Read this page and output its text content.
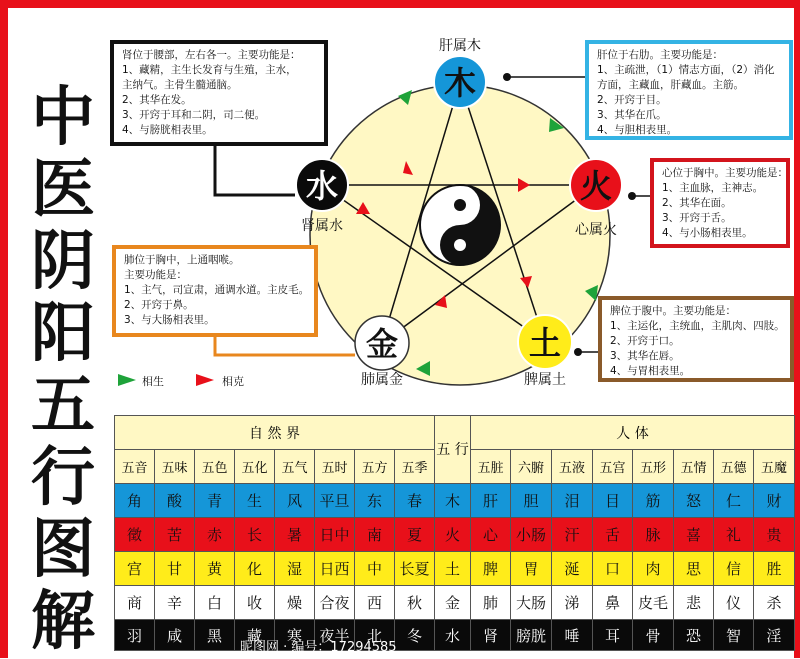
中
医
阴
阳
五
行
图
解
木
火
土
金
水
肝属木
心属火
脾属土
肺属金
肾属水
相生	相克
肾位于腰部，左右各一。主要功能是：
1、藏精，主生长发育与生殖，主水，
主纳气。主骨生髓通脑。
2、其华在发。
3、开窍于耳和二阴，司二便。
4、与膀胱相表里。
肝位于右肋。主要功能是：
1、主疏泄，（1）情志方面，（2）消化
方面，主藏血，肝藏血。主筋。
2、开窍于目。
3、其华在爪。
4、与胆相表里。
心位于胸中。主要功能是：
1、主血脉，主神志。
2、其华在面。
3、开窍于舌。
4、与小肠相表里。
肺位于胸中，上通咽喉。
主要功能是：
1、主气，司宣肃，通调水道。主皮毛。
2、开窍于鼻。
3、与大肠相表里。
脾位于腹中。主要功能是：
1、主运化，主统血，主肌肉、四肢。
2、开窍于口。
3、其华在唇。
4、与胃相表里。
自 然 界								五 行	人 体							
五音	五味	五色	五化	五气	五时	五方	五季		五脏	六腑	五液	五宫	五形	五情	五德	五魔
角	酸	青	生	风	平旦	东	春	木	肝	胆	泪	目	筋	怒	仁	财
徵	苦	赤	长	暑	日中	南	夏	火	心	小肠	汗	舌	脉	喜	礼	贵
宫	甘	黄	化	湿	日西	中	长夏	土	脾	胃	涎	口	肉	思	信	胜
商	辛	白	收	燥	合夜	西	秋	金	肺	大肠	涕	鼻	皮毛	悲	仪	杀
羽	咸	黑	藏	寒	夜半	北	冬	水	肾	膀胱	唾	耳	骨	恐	智	淫
昵图网 · 编号：17294585
